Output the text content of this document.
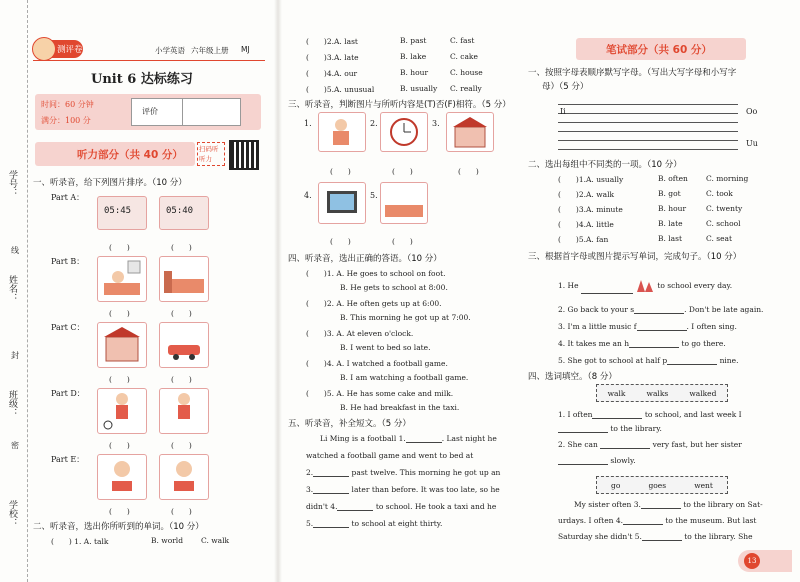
学号：
线
姓名：
封
班级：
密
学校：
测评卷	小学英语 六年级上册 MJ
Unit 6 达标练习
时间：60 分钟
满分：100 分
评价
听力部分（共 40 分）	扫码听听力
一、听录音，给下列图片排序。（10 分）
Part A：
05:45	05:40
(　　)	(　　)
Part B：
(　　)	(　　)
Part C：
(　　)	(　　)
Part D：
(　　)	(　　)
Part E：
(　　)	(　　)
二、听录音，选出你所听到的单词。（10 分）
(　　) 1. A. talk	B. world C. walk
(　　)2.A. last	B. past	C. fast
(　　)3.A. late	B. lake	C. cake
(　　)4.A. our	B. hour	C. house
(　　)5.A. unusual	B. usually C. really
三、听录音，判断图片与所听内容是(T)否(F)相符。（5 分）
1.	2.	3.
(　　)	(　　)	(　　)
4.	5.
(　　)	(　　)
四、听录音，选出正确的答语。（10 分）
(　　)1. A. He goes to school on foot.
B. He gets to school at 8:00.
(　　)2. A. He often gets up at 6:00.
B. This morning he got up at 7:00.
(　　)3. A. At eleven o'clock.
B. I went to bed so late.
(　　)4. A. I watched a football game.
B. I am watching a football game.
(　　)5. A. He has some cake and milk.
B. He had breakfast in the taxi.
五、听录音，补全短文。（5 分）
Li Ming is a football 1.	. Last night he
watched a football game and went to bed at
2.	past twelve. This morning he got up an
3.	later than before. It was too late, so he
didn't 4.	to school. He took a taxi and he
5.	to school at eight thirty.
笔试部分（共 60 分）
一、按照字母表顺序默写字母。（写出大写字母和小写字
母）（5 分）
Ii	Oo
Uu
二、选出每组中不同类的一项。（10 分）
(　　)1.A. usually	B. often C. morning
(　　)2.A. walk	B. got	C. took
(　　)3.A. minute	B. hour	C. twenty
(　　)4.A. little	B. late	C. school
(　　)5.A. fan	B. last	C. seat
三、根据首字母或图片提示写单词，完成句子。（10 分）
1. He	to school every day.
2. Go back to your s	. Don't be late again.
3. I'm a little music f	. I often sing.
4. It takes me an h	to go there.
5. She got to school at half p	nine.
四、选词填空。（8 分）
walk	walks	walked
1. I often	to school, and last week I
to the library.
2. She can	very fast, but her sister
slowly.
go	goes	went
My sister often 3.	to the library on Sat-
urdays. I often 4.	to the museum. But last
Saturday she didn't 5.	to the library. She
13
